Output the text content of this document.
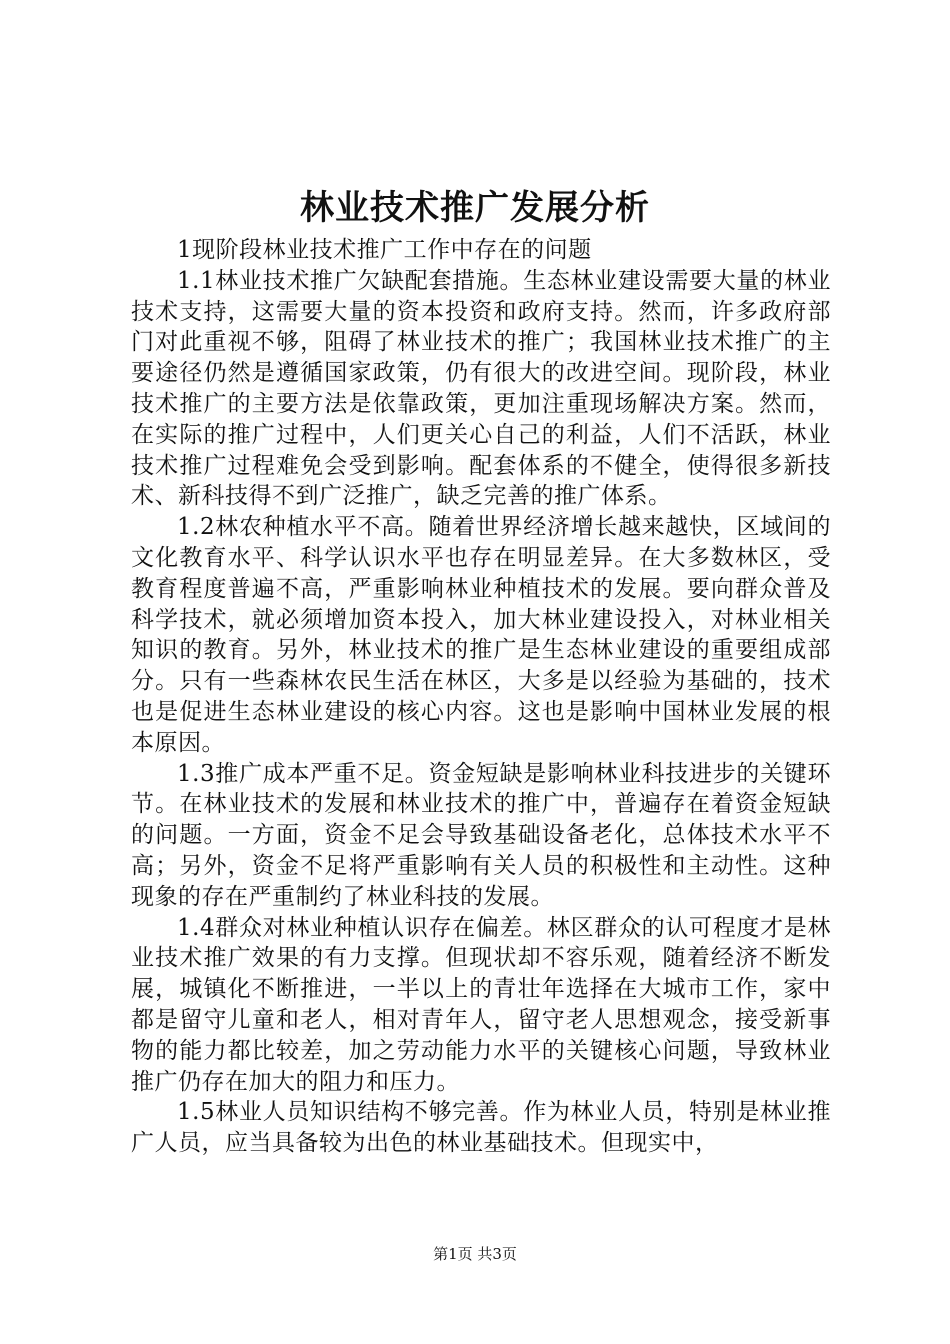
林业技术推广发展分析

1现阶段林业技术推广工作中存在的问题

1.1林业技术推广欠缺配套措施。生态林业建设需要大量的林业技术支持，这需要大量的资本投资和政府支持。然而，许多政府部门对此重视不够，阻碍了林业技术的推广；我国林业技术推广的主要途径仍然是遵循国家政策，仍有很大的改进空间。现阶段，林业技术推广的主要方法是依靠政策，更加注重现场解决方案。然而，在实际的推广过程中，人们更关心自己的利益，人们不活跃，林业技术推广过程难免会受到影响。配套体系的不健全，使得很多新技术、新科技得不到广泛推广，缺乏完善的推广体系。

1.2林农种植水平不高。随着世界经济增长越来越快，区域间的文化教育水平、科学认识水平也存在明显差异。在大多数林区，受教育程度普遍不高，严重影响林业种植技术的发展。要向群众普及科学技术，就必须增加资本投入，加大林业建设投入，对林业相关知识的教育。另外，林业技术的推广是生态林业建设的重要组成部分。只有一些森林农民生活在林区，大多是以经验为基础的，技术也是促进生态林业建设的核心内容。这也是影响中国林业发展的根本原因。

1.3推广成本严重不足。资金短缺是影响林业科技进步的关键环节。在林业技术的发展和林业技术的推广中，普遍存在着资金短缺的问题。一方面，资金不足会导致基础设备老化，总体技术水平不高；另外，资金不足将严重影响有关人员的积极性和主动性。这种现象的存在严重制约了林业科技的发展。

1.4群众对林业种植认识存在偏差。林区群众的认可程度才是林业技术推广效果的有力支撑。但现状却不容乐观，随着经济不断发展，城镇化不断推进，一半以上的青壮年选择在大城市工作，家中都是留守儿童和老人，相对青年人，留守老人思想观念，接受新事物的能力都比较差，加之劳动能力水平的关键核心问题，导致林业推广仍存在加大的阻力和压力。

1.5林业人员知识结构不够完善。作为林业人员，特别是林业推广人员，应当具备较为出色的林业基础技术。但现实中，

第1页 共3页
